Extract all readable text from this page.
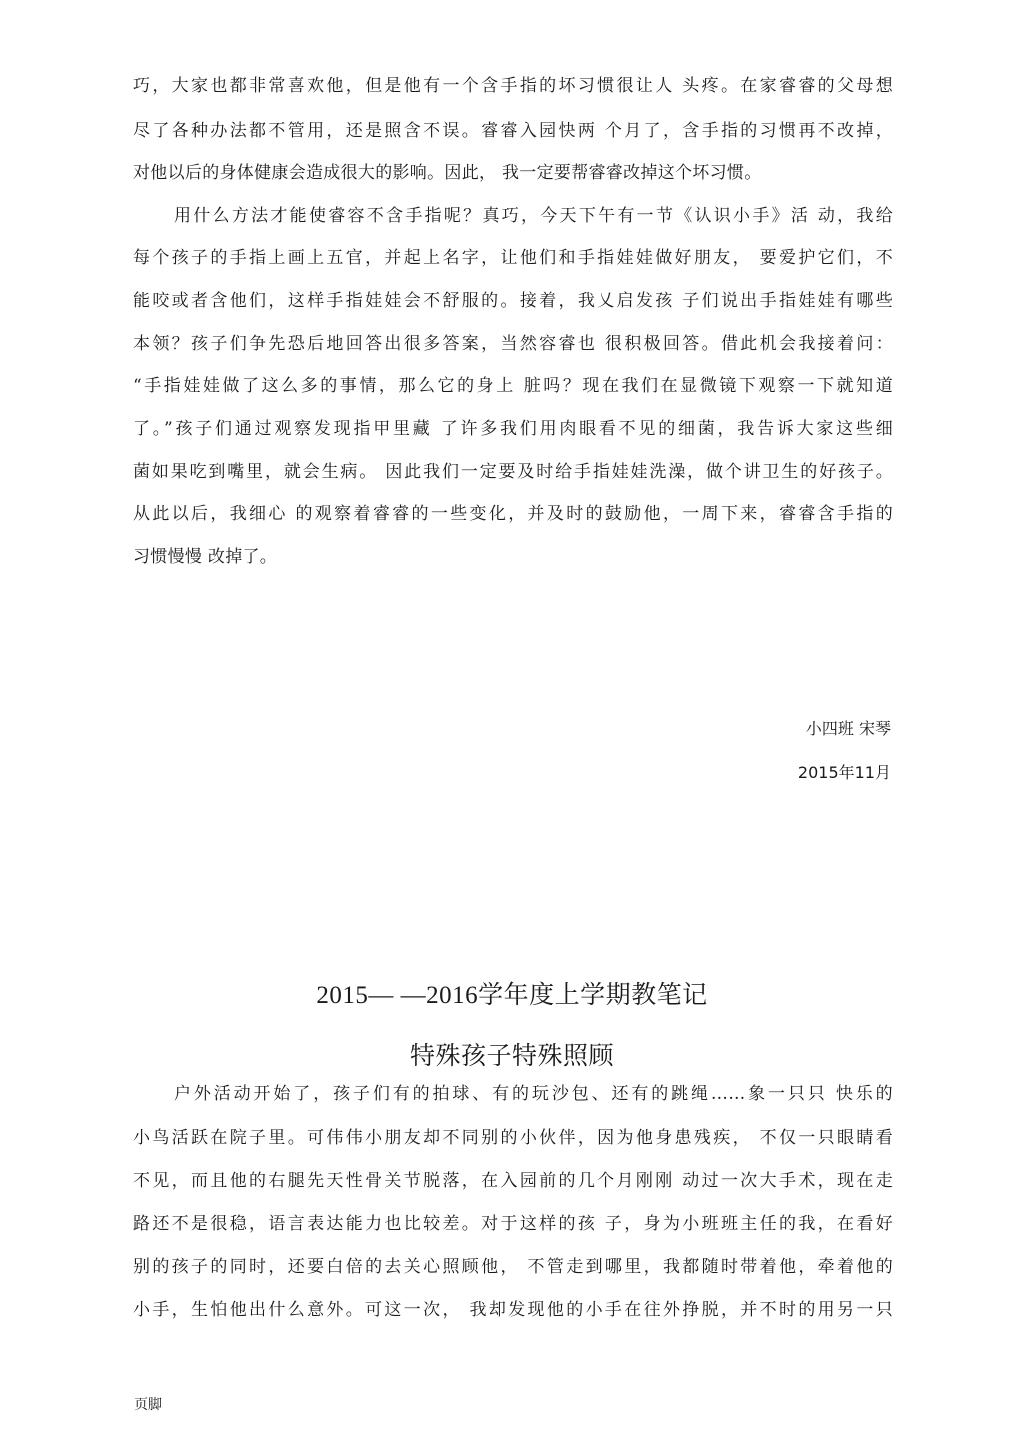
巧，大家也都非常喜欢他，但是他有一个含手指的坏习惯很让人 头疼。在家睿睿的父母想
尽了各种办法都不管用，还是照含不误。睿睿入园快两 个月了，含手指的习惯再不改掉，
对他以后的身体健康会造成很大的影响。因此， 我一定要帮睿睿改掉这个坏习惯。
用什么方法才能使睿容不含手指呢？真巧，今天下午有一节《认识小手》活 动，我给
每个孩子的手指上画上五官，并起上名字，让他们和手指娃娃做好朋友， 要爱护它们，不
能咬或者含他们，这样手指娃娃会不舒服的。接着，我乂启发孩 子们说出手指娃娃有哪些
本领？孩子们争先恐后地回答出很多答案，当然容睿也 很积极回答。借此机会我接着问：
“手指娃娃做了这么多的事情，那么它的身上 脏吗？现在我们在显微镜下观察一下就知道
了。”孩子们通过观察发现指甲里藏 了许多我们用肉眼看不见的细菌，我告诉大家这些细
菌如果吃到嘴里，就会生病。 因此我们一定要及时给手指娃娃洗澡，做个讲卫生的好孩子。
从此以后，我细心 的观察着睿睿的一些变化，并及时的鼓励他，一周下来，睿睿含手指的
习惯慢慢 改掉了。
小四班 宋琴
2015年11月
2015— —2016学年度上学期教笔记
特殊孩子特殊照顾
户外活动开始了，孩子们有的拍球、有的玩沙包、还有的跳绳……象一只只 快乐的
小鸟活跃在院子里。可伟伟小朋友却不同别的小伙伴，因为他身患残疾， 不仅一只眼睛看
不见，而且他的右腿先天性骨关节脱落，在入园前的几个月刚刚 动过一次大手术，现在走
路还不是很稳，语言表达能力也比较差。对于这样的孩 子，身为小班班主任的我，在看好
别的孩子的同时，还要白倍的去关心照顾他， 不管走到哪里，我都随时带着他，牵着他的
小手，生怕他出什么意外。可这一次， 我却发现他的小手在往外挣脱，并不时的用另一只
页脚
